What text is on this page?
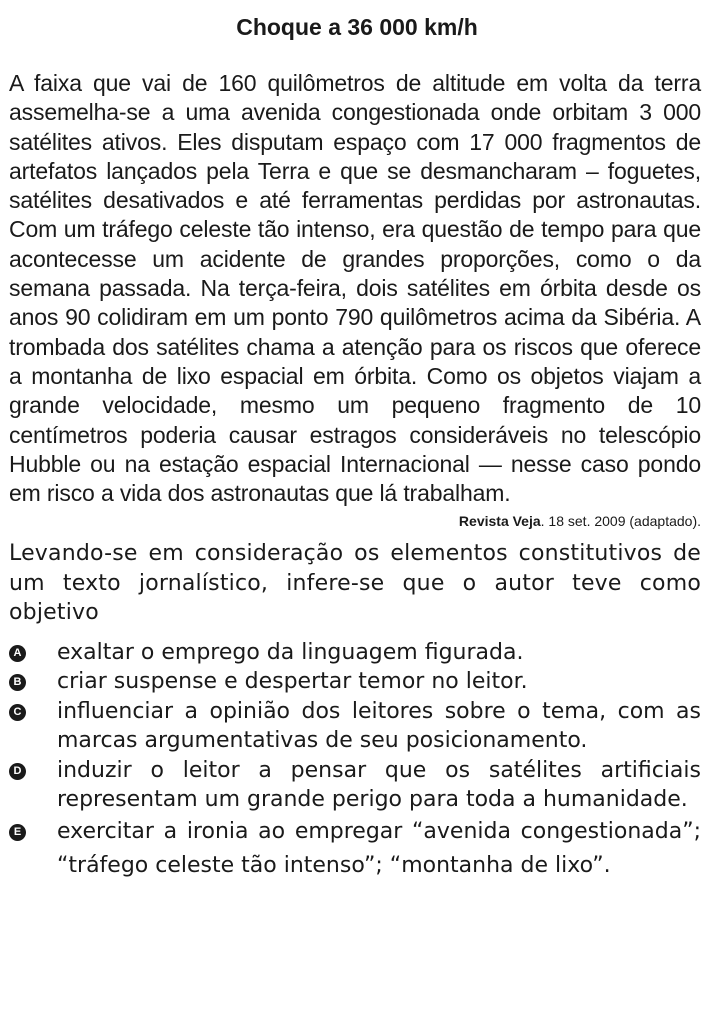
Choque a 36 000 km/h

A faixa que vai de 160 quilômetros de altitude em volta da terra assemelha-se a uma avenida congestionada onde orbitam 3 000 satélites ativos. Eles disputam espaço com 17 000 fragmentos de artefatos lançados pela Terra e que se desmancharam – foguetes, satélites desativados e até ferramentas perdidas por astronautas. Com um tráfego celeste tão intenso, era questão de tempo para que acontecesse um acidente de grandes proporções, como o da semana passada. Na terça-feira, dois satélites em órbita desde os anos 90 colidiram em um ponto 790 quilômetros acima da Sibéria. A trombada dos satélites chama a atenção para os riscos que oferece a montanha de lixo espacial em órbita. Como os objetos viajam a grande velocidade, mesmo um pequeno fragmento de 10 centímetros poderia causar estragos consideráveis no telescópio Hubble ou na estação espacial Internacional — nesse caso pondo em risco a vida dos astronautas que lá trabalham.

Revista Veja. 18 set. 2009 (adaptado).

Levando-se em consideração os elementos constitutivos de um texto jornalístico, infere-se que o autor teve como objetivo

A exaltar o emprego da linguagem figurada.
B criar suspense e despertar temor no leitor.
C influenciar a opinião dos leitores sobre o tema, com as marcas argumentativas de seu posicionamento.
D induzir o leitor a pensar que os satélites artificiais representam um grande perigo para toda a humanidade.
E exercitar a ironia ao empregar “avenida congestionada”; “tráfego celeste tão intenso”; “montanha de lixo”.
